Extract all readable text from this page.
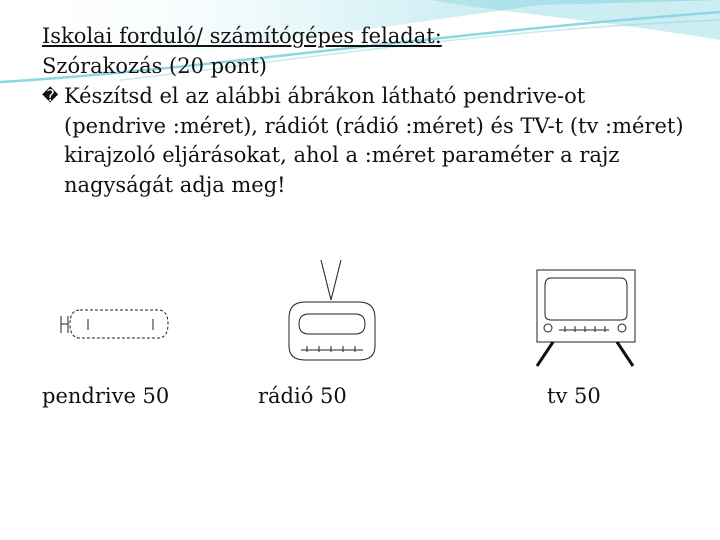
Iskolai forduló/ számítógépes feladat:
Szórakozás (20 pont)
� Készítsd el az alábbi ábrákon látható pendrive-ot (pendrive :méret), rádiót (rádió :méret) és TV-t (tv :méret) kirajzoló eljárásokat, ahol a :méret paraméter a rajz nagyságát adja meg!
pendrive 50	rádió 50	tv 50
